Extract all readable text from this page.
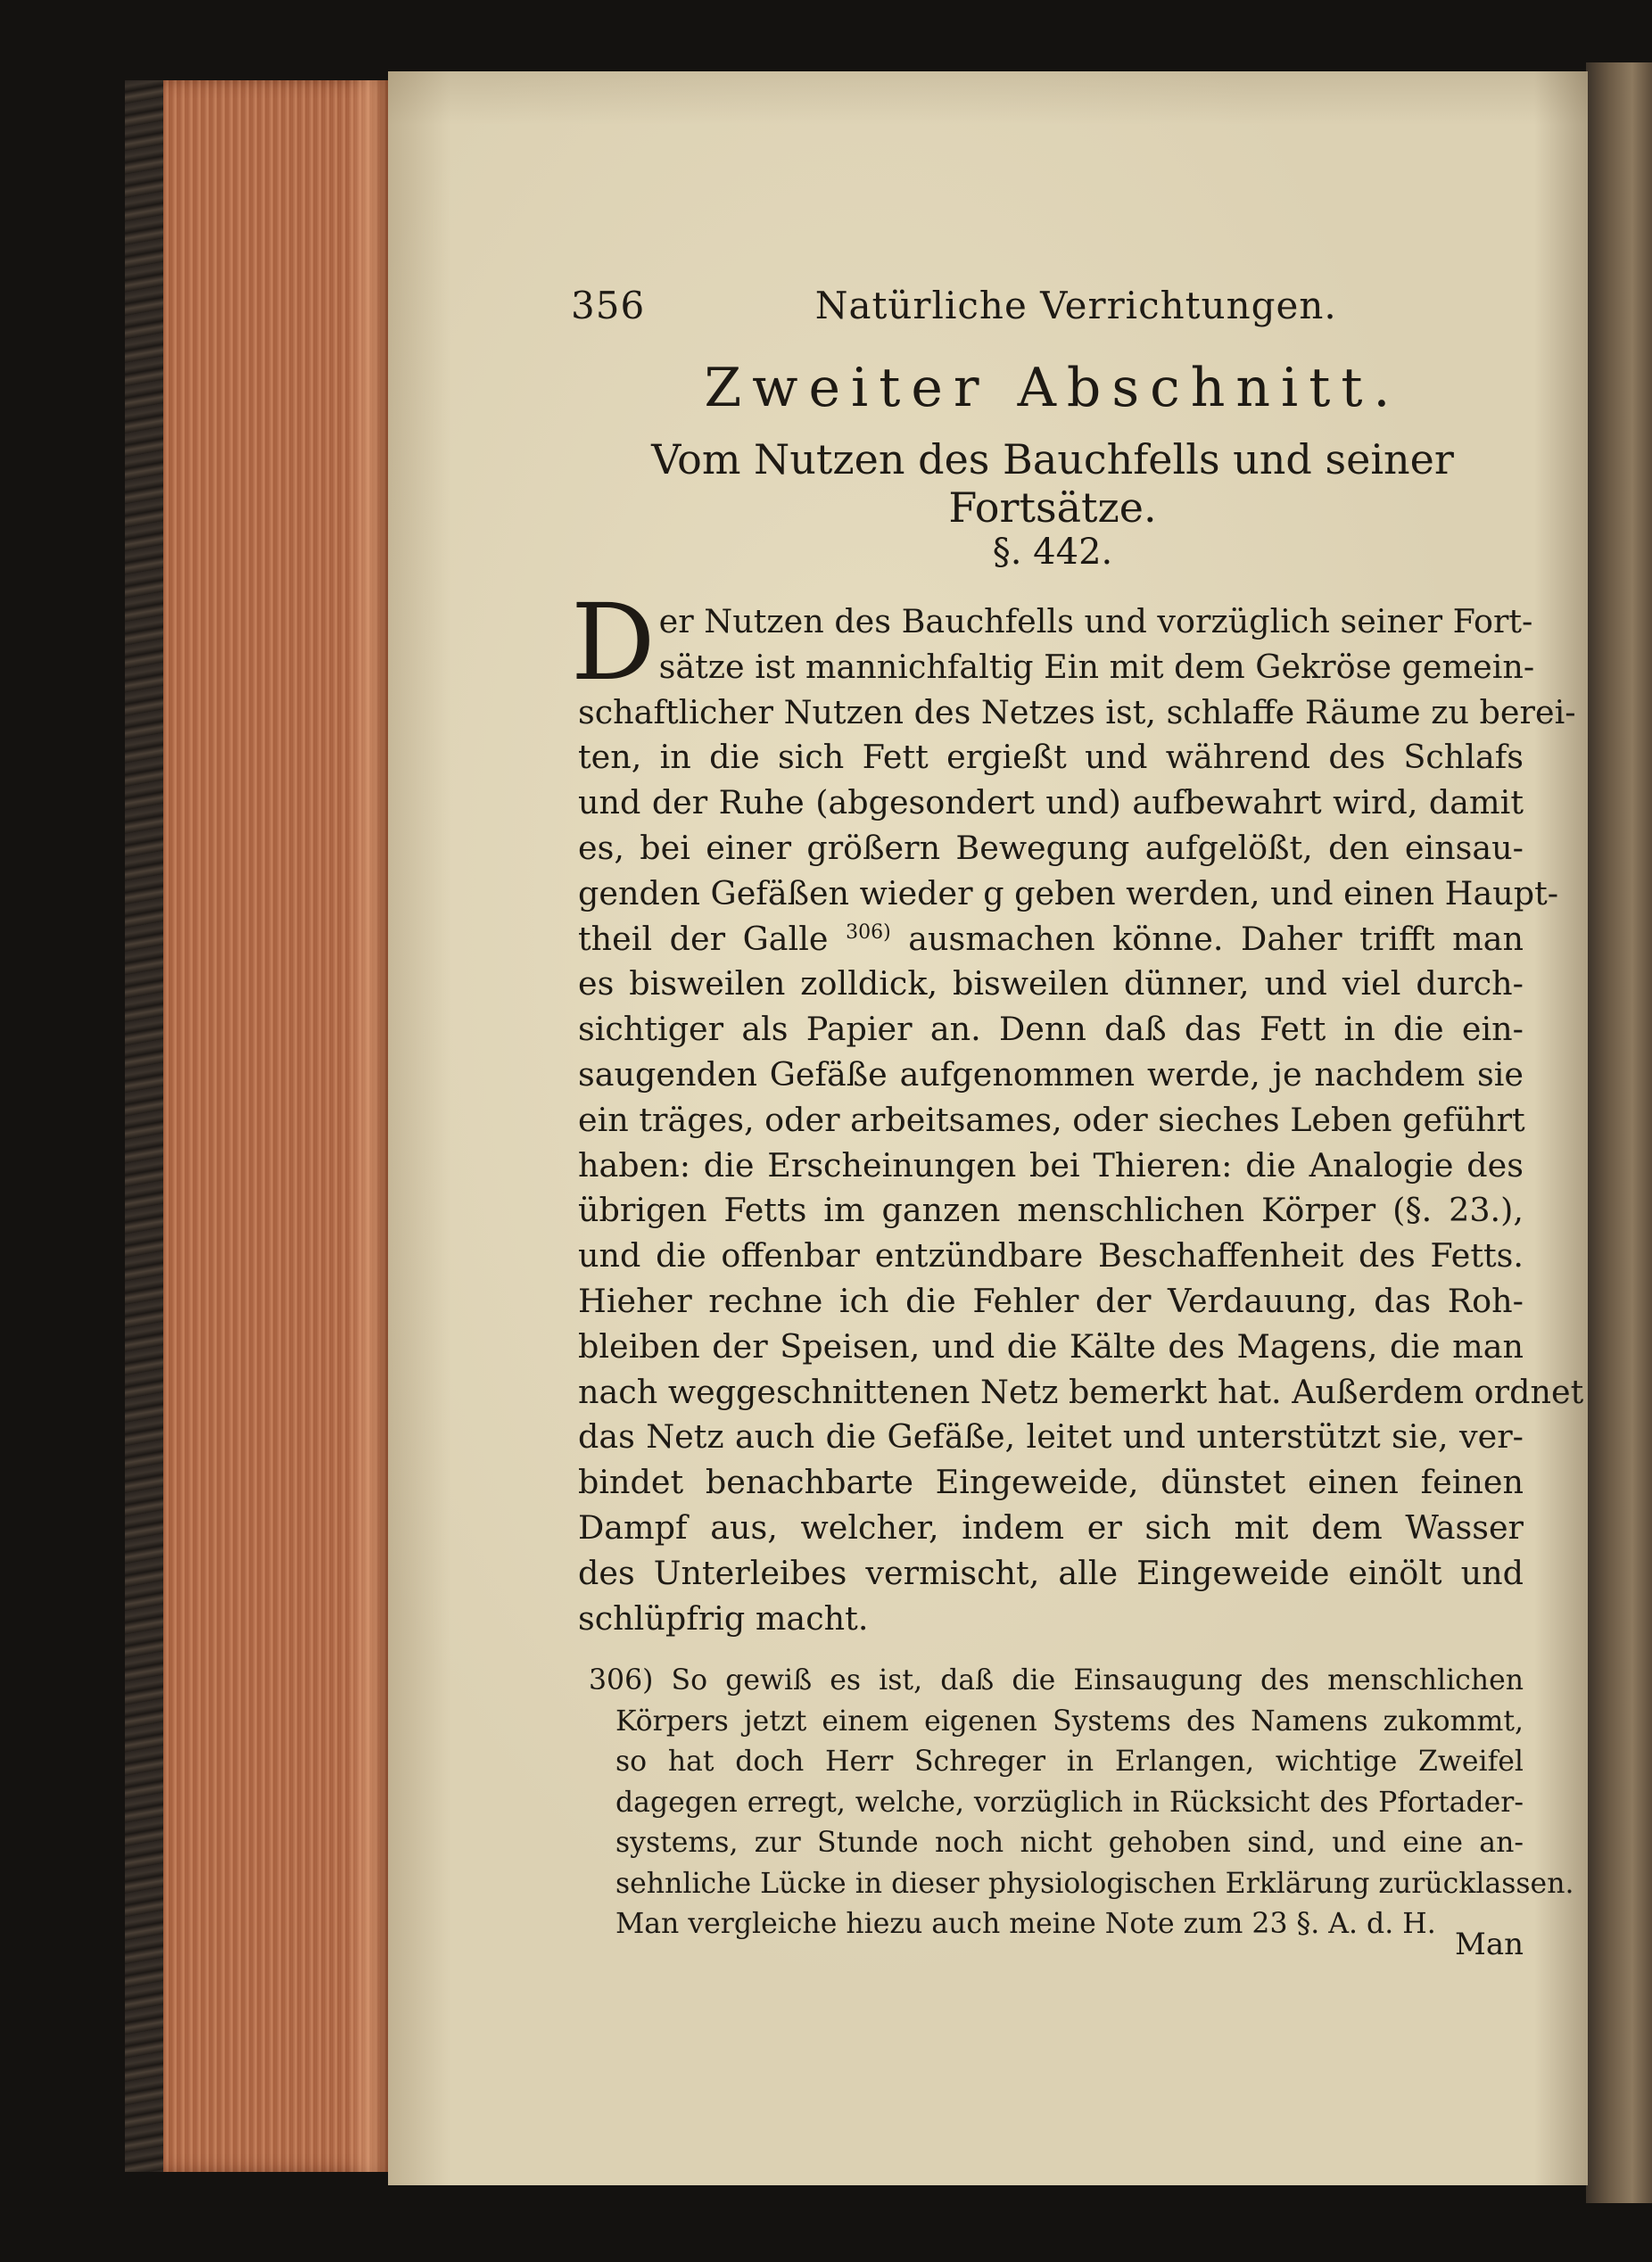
356	Natürliche Verrichtungen.
Zweiter Abschnitt.
Vom Nutzen des Bauchfells und seiner Fortsätze.
§. 442.
D er Nutzen des Bauchfells und vorzüglich seiner Fort-
sätze ist mannichfaltig Ein mit dem Gekröse gemein-
schaftlicher Nutzen des Netzes ist, schlaffe Räume zu berei-
ten, in die sich Fett ergießt und während des Schlafs
und der Ruhe (abgesondert und) aufbewahrt wird, damit
es, bei einer größern Bewegung aufgelößt, den einsau-
genden Gefäßen wieder g geben werden, und einen Haupt-
theil der Galle $^{306)}$ ausmachen könne. Daher trifft man
es bisweilen zolldick, bisweilen dünner, und viel durch-
sichtiger als Papier an. Denn daß das Fett in die ein-
saugenden Gefäße aufgenommen werde, je nachdem sie
ein träges, oder arbeitsames, oder sieches Leben geführt
haben: die Erscheinungen bei Thieren: die Analogie des
übrigen Fetts im ganzen menschlichen Körper (§. 23.),
und die offenbar entzündbare Beschaffenheit des Fetts.
Hieher rechne ich die Fehler der Verdauung, das Roh-
bleiben der Speisen, und die Kälte des Magens, die man
nach weggeschnittenen Netz bemerkt hat. Außerdem ordnet
das Netz auch die Gefäße, leitet und unterstützt sie, ver-
bindet benachbarte Eingeweide, dünstet einen feinen
Dampf aus, welcher, indem er sich mit dem Wasser
des Unterleibes vermischt, alle Eingeweide einölt und
schlüpfrig macht.
306) So gewiß es ist, daß die Einsaugung des menschlichen
Körpers jetzt einem eigenen Systems des Namens zukommt,
so hat doch Herr Schreger in Erlangen, wichtige Zweifel
dagegen erregt, welche, vorzüglich in Rücksicht des Pfortader-
systems, zur Stunde noch nicht gehoben sind, und eine an-
sehnliche Lücke in dieser physiologischen Erklärung zurücklassen.
Man vergleiche hiezu auch meine Note zum 23 §. A. d. H.
Man
